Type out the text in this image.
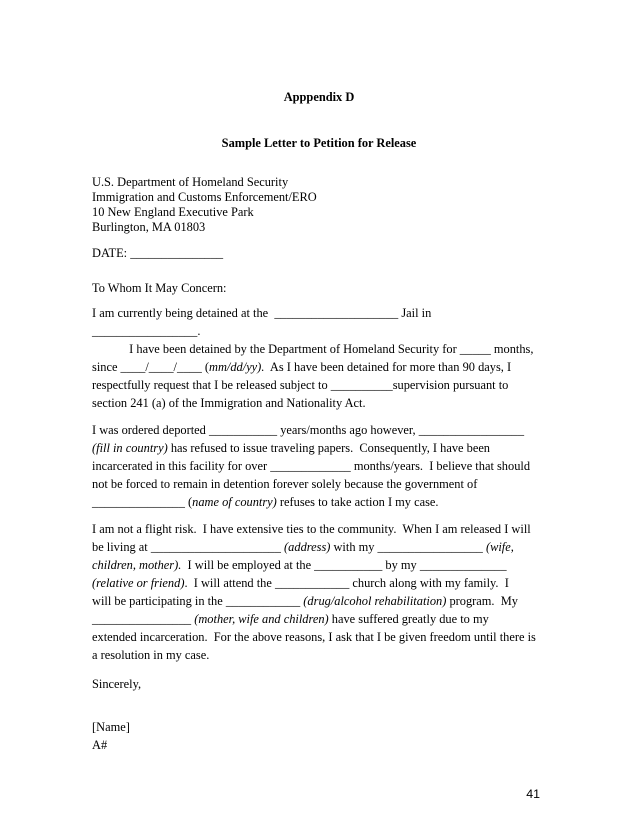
Apppendix D
Sample Letter to Petition for Release
U.S. Department of Homeland Security
Immigration and Customs Enforcement/ERO
10 New England Executive Park
Burlington, MA 01803
DATE: _______________
To Whom It May Concern:
I am currently being detained at the  ____________________ Jail in
_________________.
I have been detained by the Department of Homeland Security for _____ months,
since ____/____/____ (mm/dd/yy).  As I have been detained for more than 90 days, I
respectfully request that I be released subject to __________supervision pursuant to
section 241 (a) of the Immigration and Nationality Act.
I was ordered deported ___________ years/months ago however, _________________
(fill in country) has refused to issue traveling papers.  Consequently, I have been
incarcerated in this facility for over _____________ months/years.  I believe that should
not be forced to remain in detention forever solely because the government of
_______________ (name of country) refuses to take action I my case.
I am not a flight risk.  I have extensive ties to the community.  When I am released I will
be living at _____________________ (address) with my _________________ (wife,
children, mother).  I will be employed at the ___________ by my ______________
(relative or friend).  I will attend the ____________ church along with my family.  I
will be participating in the ____________ (drug/alcohol rehabilitation) program.  My
________________ (mother, wife and children) have suffered greatly due to my
extended incarceration.  For the above reasons, I ask that I be given freedom until there is
a resolution in my case.
Sincerely,
[Name]
A#
41
